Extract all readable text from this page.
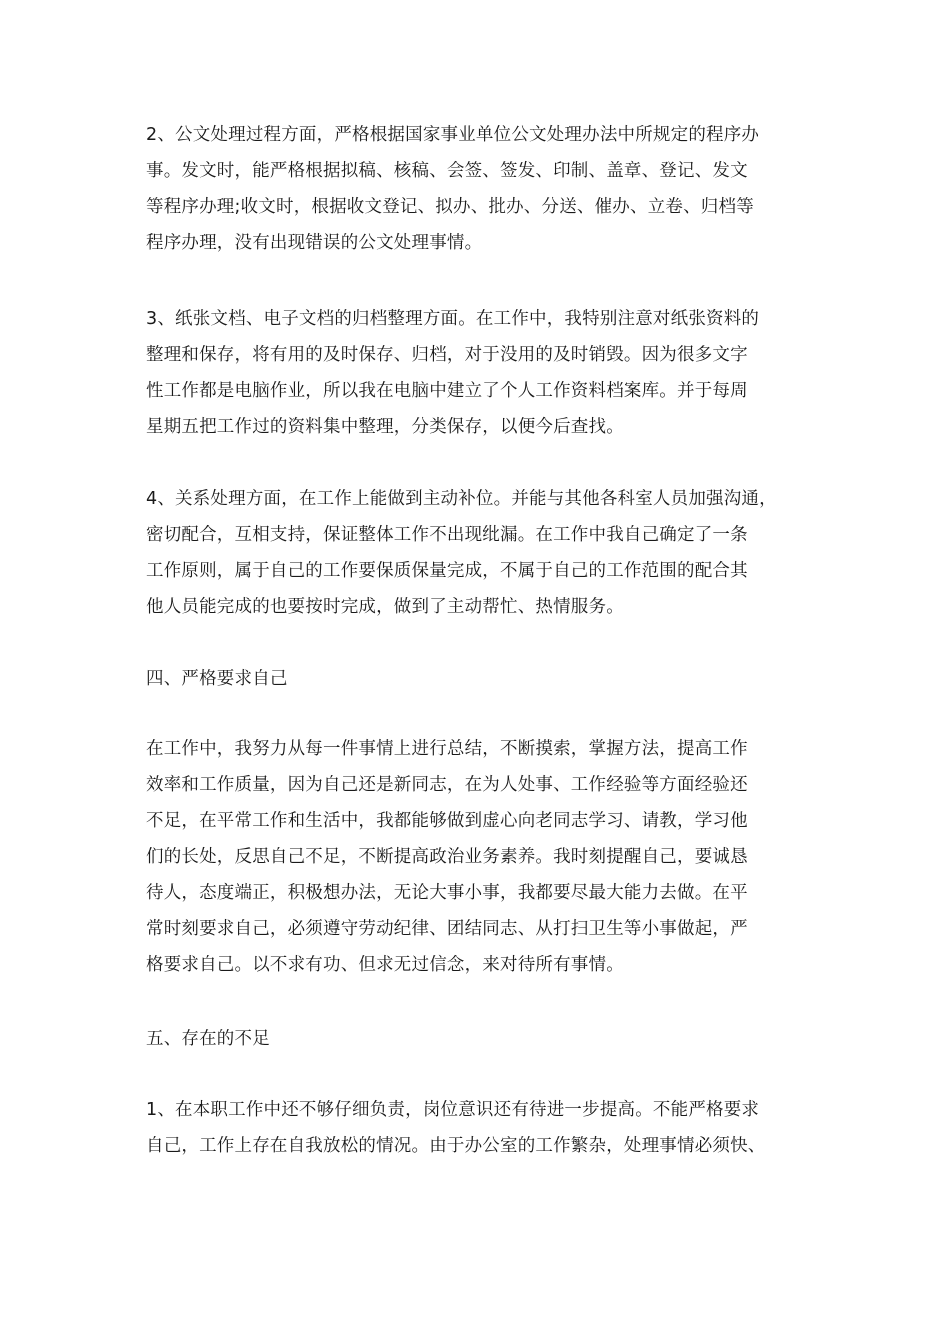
2、公文处理过程方面，严格根据国家事业单位公文处理办法中所规定的程序办
事。发文时，能严格根据拟稿、核稿、会签、签发、印制、盖章、登记、发文
等程序办理;收文时，根据收文登记、拟办、批办、分送、催办、立卷、归档等
程序办理，没有出现错误的公文处理事情。
3、纸张文档、电子文档的归档整理方面。在工作中，我特别注意对纸张资料的
整理和保存，将有用的及时保存、归档，对于没用的及时销毁。因为很多文字
性工作都是电脑作业，所以我在电脑中建立了个人工作资料档案库。并于每周
星期五把工作过的资料集中整理，分类保存，以便今后查找。
4、关系处理方面，在工作上能做到主动补位。并能与其他各科室人员加强沟通，
密切配合，互相支持，保证整体工作不出现纰漏。在工作中我自己确定了一条
工作原则，属于自己的工作要保质保量完成，不属于自己的工作范围的配合其
他人员能完成的也要按时完成，做到了主动帮忙、热情服务。
四、严格要求自己
在工作中，我努力从每一件事情上进行总结，不断摸索，掌握方法，提高工作
效率和工作质量，因为自己还是新同志，在为人处事、工作经验等方面经验还
不足，在平常工作和生活中，我都能够做到虚心向老同志学习、请教，学习他
们的长处，反思自己不足，不断提高政治业务素养。我时刻提醒自己，要诚恳
待人，态度端正，积极想办法，无论大事小事，我都要尽最大能力去做。在平
常时刻要求自己，必须遵守劳动纪律、团结同志、从打扫卫生等小事做起，严
格要求自己。以不求有功、但求无过信念，来对待所有事情。
五、存在的不足
1、在本职工作中还不够仔细负责，岗位意识还有待进一步提高。不能严格要求
自己，工作上存在自我放松的情况。由于办公室的工作繁杂，处理事情必须快、
